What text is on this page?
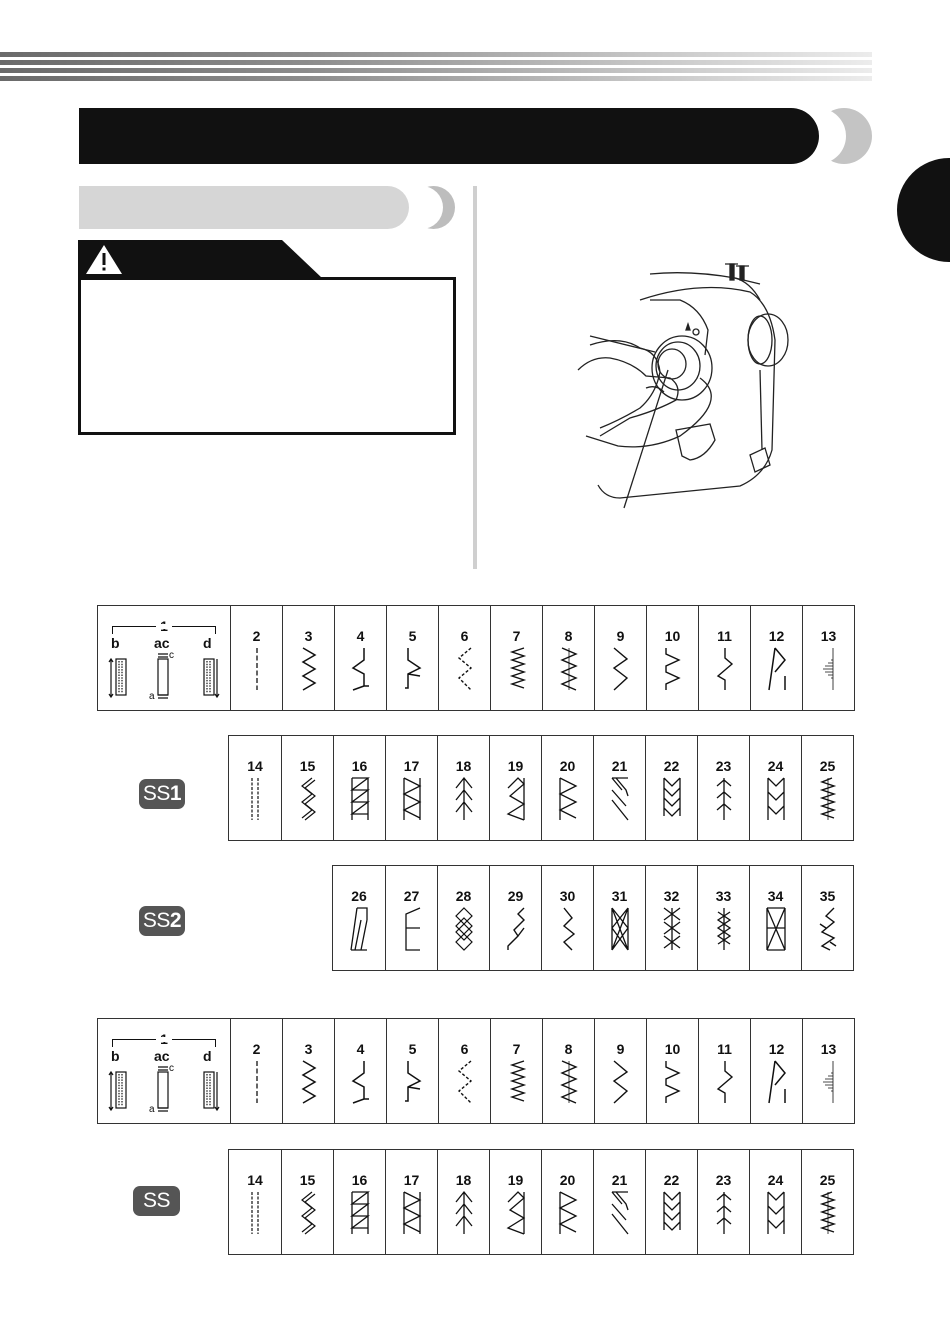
b ac d
c
a
2	3	4	5	6	7	8	9	10	11	12	13
SS1
14	15	16	17	18	19	20	21	22	23	24	25
SS2
26	27	28	29	30	31	32	33	34	35
b ac d
c
a
2	3	4	5	6	7	8	9	10	11	12	13
SS
14	15	16	17	18	19	20	21	22	23	24	25
